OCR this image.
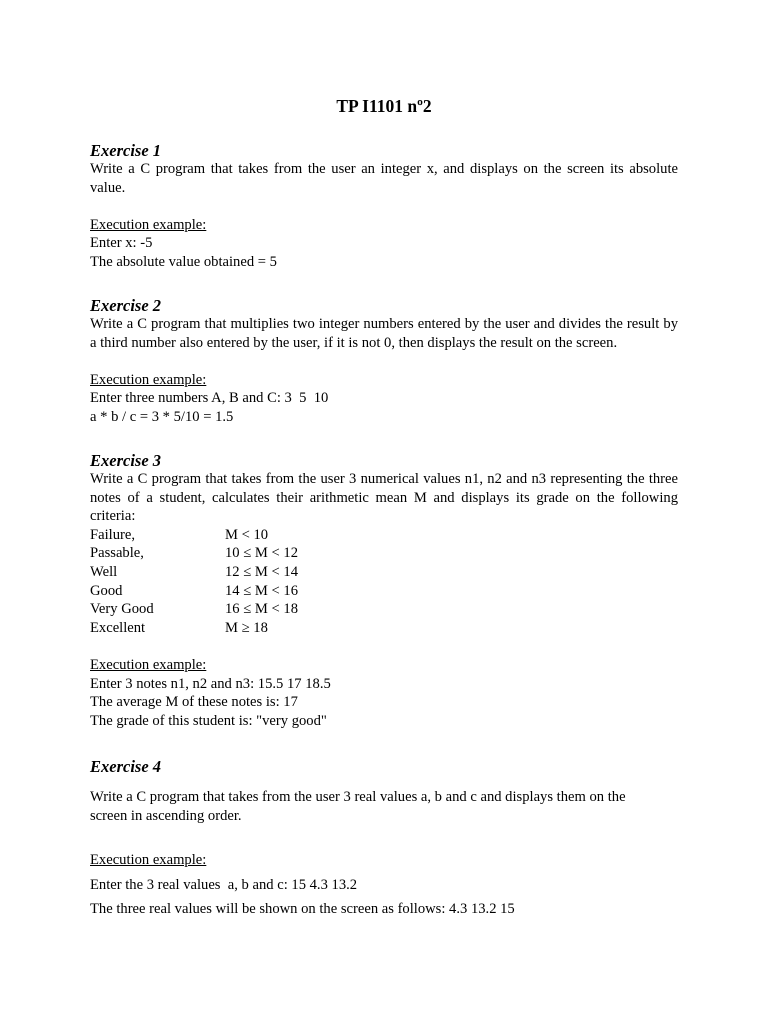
TP I1101 nº2

Exercise 1

Write a C program that takes from the user an integer x, and displays on the screen its absolute value.

Execution example:

Enter x: -5

The absolute value obtained = 5

Exercise 2

Write a C program that multiplies two integer numbers entered by the user and divides the result by a third number also entered by the user, if it is not 0, then displays the result on the screen.

Execution example:

Enter three numbers A, B and C: 3  5  10

a * b / c = 3 * 5/10 = 1.5

Exercise 3

Write a C program that takes from the user 3 numerical values n1, n2 and n3 representing the three notes of a student, calculates their arithmetic mean M and displays its grade on the following criteria:

Failure,	M < 10
Passable,	10 ≤ M < 12
Well	12 ≤ M < 14
Good	14 ≤ M < 16
Very Good	16 ≤ M < 18
Excellent	M ≥ 18

Execution example:

Enter 3 notes n1, n2 and n3: 15.5 17 18.5

The average M of these notes is: 17

The grade of this student is: "very good"

Exercise 4

Write a C program that takes from the user 3 real values a, b and c and displays them on the screen in ascending order.

Execution example:

Enter the 3 real values  a, b and c: 15 4.3 13.2

The three real values will be shown on the screen as follows: 4.3 13.2 15
